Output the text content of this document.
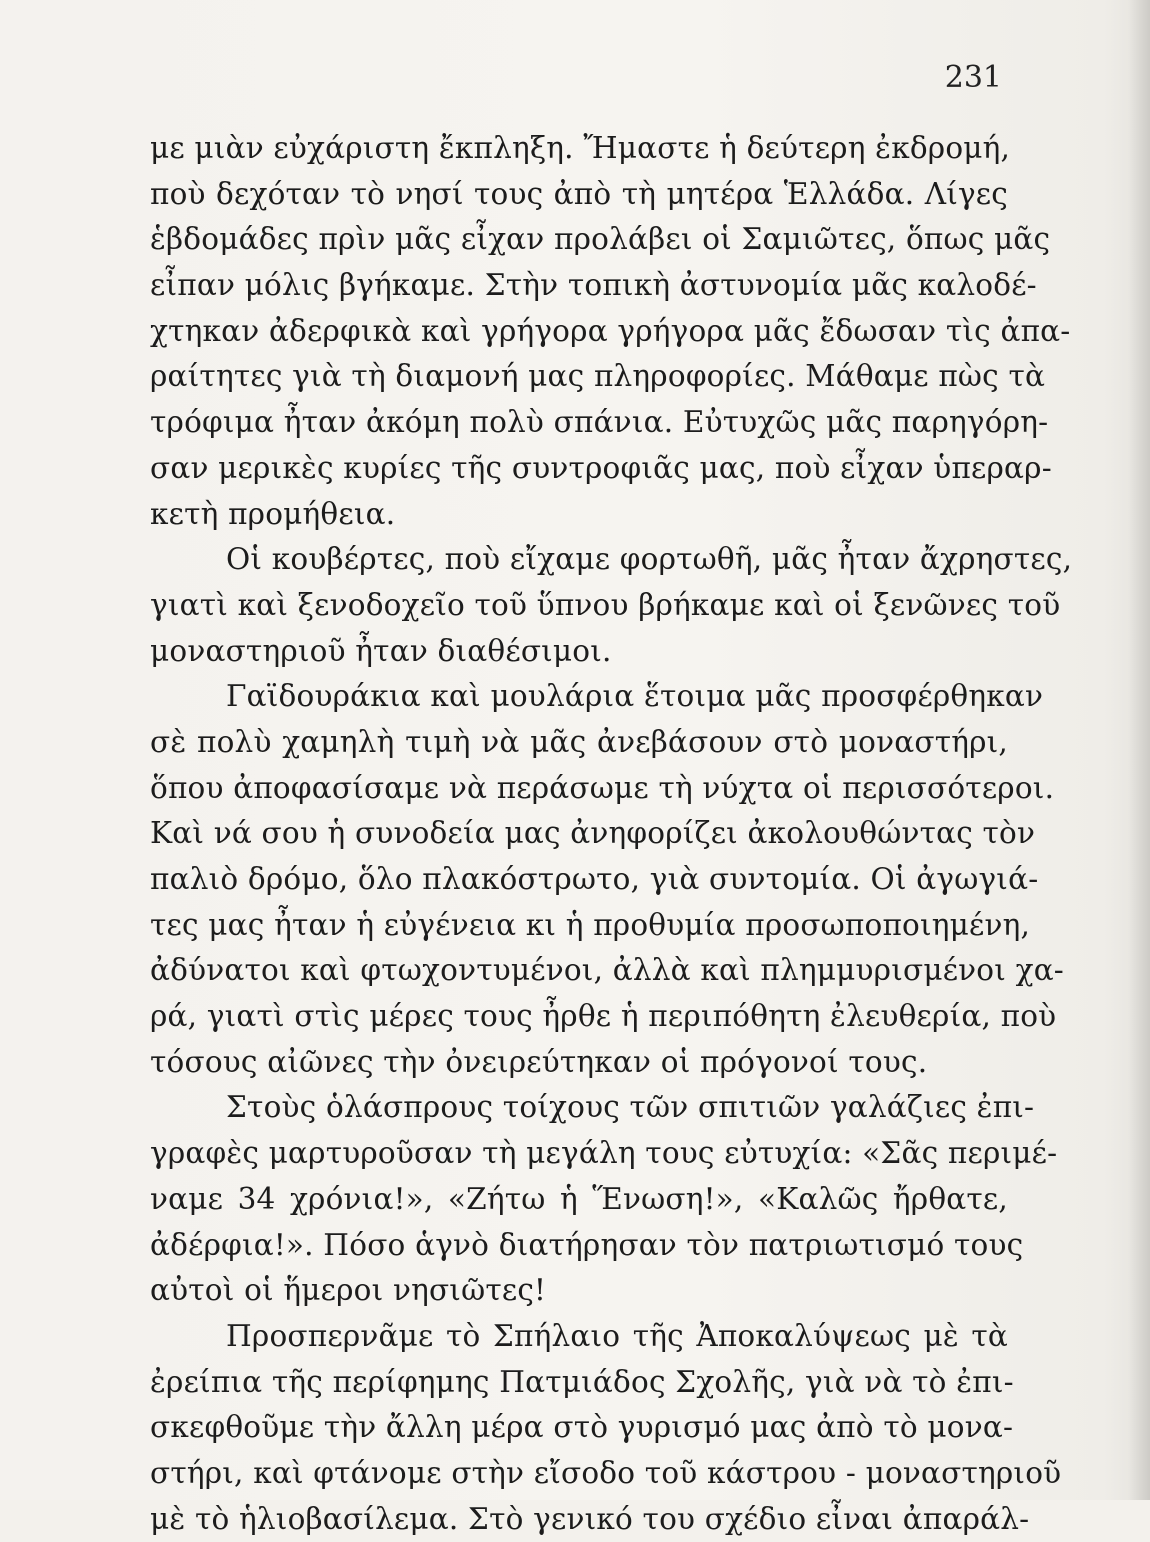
231
με μιὰν εὐχάριστη ἔκπληξη. Ἤμαστε ἡ δεύτερη ἐκδρομή,
ποὺ δεχόταν τὸ νησί τους ἀπὸ τὴ μητέρα Ἑλλάδα. Λίγες
ἑβδομάδες πρὶν μᾶς εἶχαν προλάβει οἱ Σαμιῶτες, ὅπως μᾶς
εἶπαν μόλις βγήκαμε. Στὴν τοπικὴ ἀστυνομία μᾶς καλοδέ-
χτηκαν ἀδερφικὰ καὶ γρήγορα γρήγορα μᾶς ἔδωσαν τὶς ἀπα-
ραίτητες γιὰ τὴ διαμονή μας πληροφορίες. Μάθαμε πὼς τὰ
τρόφιμα ἦταν ἀκόμη πολὺ σπάνια. Εὐτυχῶς μᾶς παρηγόρη-
σαν μερικὲς κυρίες τῆς συντροφιᾶς μας, ποὺ εἶχαν ὑπεραρ-
κετὴ προμήθεια.
Οἱ κουβέρτες, ποὺ εἴχαμε φορτωθῆ, μᾶς ἦταν ἄχρηστες,
γιατὶ καὶ ξενοδοχεῖο τοῦ ὕπνου βρήκαμε καὶ οἱ ξενῶνες τοῦ
μοναστηριοῦ ἦταν διαθέσιμοι.
Γαϊδουράκια καὶ μουλάρια ἕτοιμα μᾶς προσφέρθηκαν
σὲ πολὺ χαμηλὴ τιμὴ νὰ μᾶς ἀνεβάσουν στὸ μοναστήρι,
ὅπου ἀποφασίσαμε νὰ περάσωμε τὴ νύχτα οἱ περισσότεροι.
Καὶ νά σου ἡ συνοδεία μας ἀνηφορίζει ἀκολουθώντας τὸν
παλιὸ δρόμο, ὅλο πλακόστρωτο, γιὰ συντομία. Οἱ ἀγωγιά-
τες μας ἦταν ἡ εὐγένεια κι ἡ προθυμία προσωποποιημένη,
ἀδύνατοι καὶ φτωχοντυμένοι, ἀλλὰ καὶ πλημμυρισμένοι χα-
ρά, γιατὶ στὶς μέρες τους ἦρθε ἡ περιπόθητη ἐλευθερία, ποὺ
τόσους αἰῶνες τὴν ὀνειρεύτηκαν οἱ πρόγονοί τους.
Στοὺς ὁλάσπρους τοίχους τῶν σπιτιῶν γαλάζιες ἐπι-
γραφὲς μαρτυροῦσαν τὴ μεγάλη τους εὐτυχία: «Σᾶς περιμέ-
ναμε 34 χρόνια!», «Ζήτω ἡ Ἕνωση!», «Καλῶς ἤρθατε,
ἀδέρφια!». Πόσο ἁγνὸ διατήρησαν τὸν πατριωτισμό τους
αὐτοὶ οἱ ἥμεροι νησιῶτες!
Προσπερνᾶμε τὸ Σπήλαιο τῆς Ἀποκαλύψεως μὲ τὰ
ἐρείπια τῆς περίφημης Πατμιάδος Σχολῆς, γιὰ νὰ τὸ ἐπι-
σκεφθοῦμε τὴν ἄλλη μέρα στὸ γυρισμό μας ἀπὸ τὸ μονα-
στήρι, καὶ φτάνομε στὴν εἴσοδο τοῦ κάστρου - μοναστηριοῦ
μὲ τὸ ἡλιοβασίλεμα. Στὸ γενικό του σχέδιο εἶναι ἀπαράλ-
